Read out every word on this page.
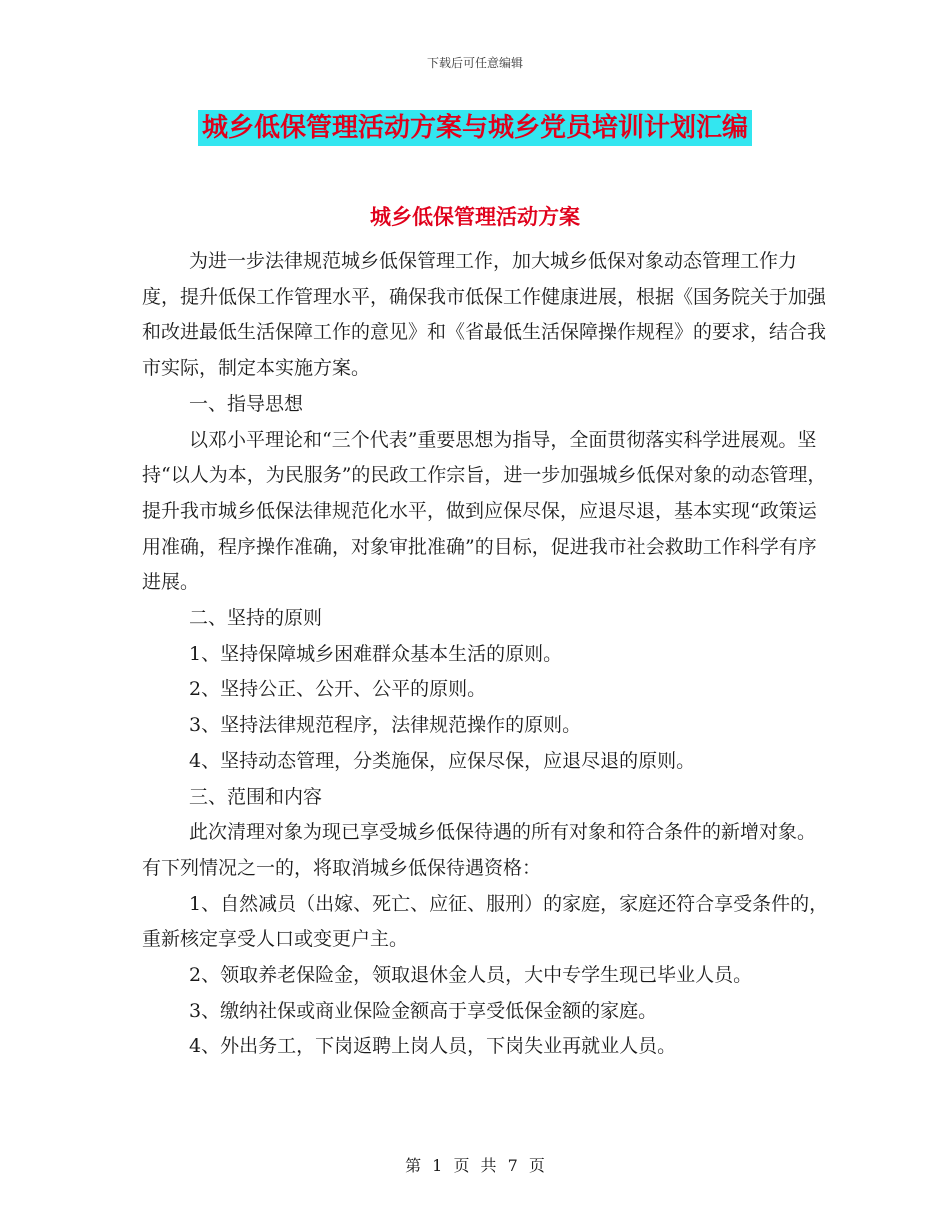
下载后可任意编辑
城乡低保管理活动方案与城乡党员培训计划汇编
城乡低保管理活动方案

为进一步法律规范城乡低保管理工作，加大城乡低保对象动态管理工作力度，提升低保工作管理水平，确保我市低保工作健康进展，根据《国务院关于加强和改进最低生活保障工作的意见》和《省最低生活保障操作规程》的要求，结合我市实际，制定本实施方案。

一、指导思想

以邓小平理论和“三个代表”重要思想为指导，全面贯彻落实科学进展观。坚持“以人为本，为民服务”的民政工作宗旨，进一步加强城乡低保对象的动态管理，提升我市城乡低保法律规范化水平，做到应保尽保，应退尽退，基本实现“政策运用准确，程序操作准确，对象审批准确”的目标，促进我市社会救助工作科学有序进展。

二、坚持的原则

1、坚持保障城乡困难群众基本生活的原则。

2、坚持公正、公开、公平的原则。

3、坚持法律规范程序，法律规范操作的原则。

4、坚持动态管理，分类施保，应保尽保，应退尽退的原则。

三、范围和内容

此次清理对象为现已享受城乡低保待遇的所有对象和符合条件的新增对象。有下列情况之一的，将取消城乡低保待遇资格：

1、自然减员（出嫁、死亡、应征、服刑）的家庭，家庭还符合享受条件的，重新核定享受人口或变更户主。

2、领取养老保险金，领取退休金人员，大中专学生现已毕业人员。

3、缴纳社保或商业保险金额高于享受低保金额的家庭。

4、外出务工，下岗返聘上岗人员，下岗失业再就业人员。

第 1 页 共 7 页
